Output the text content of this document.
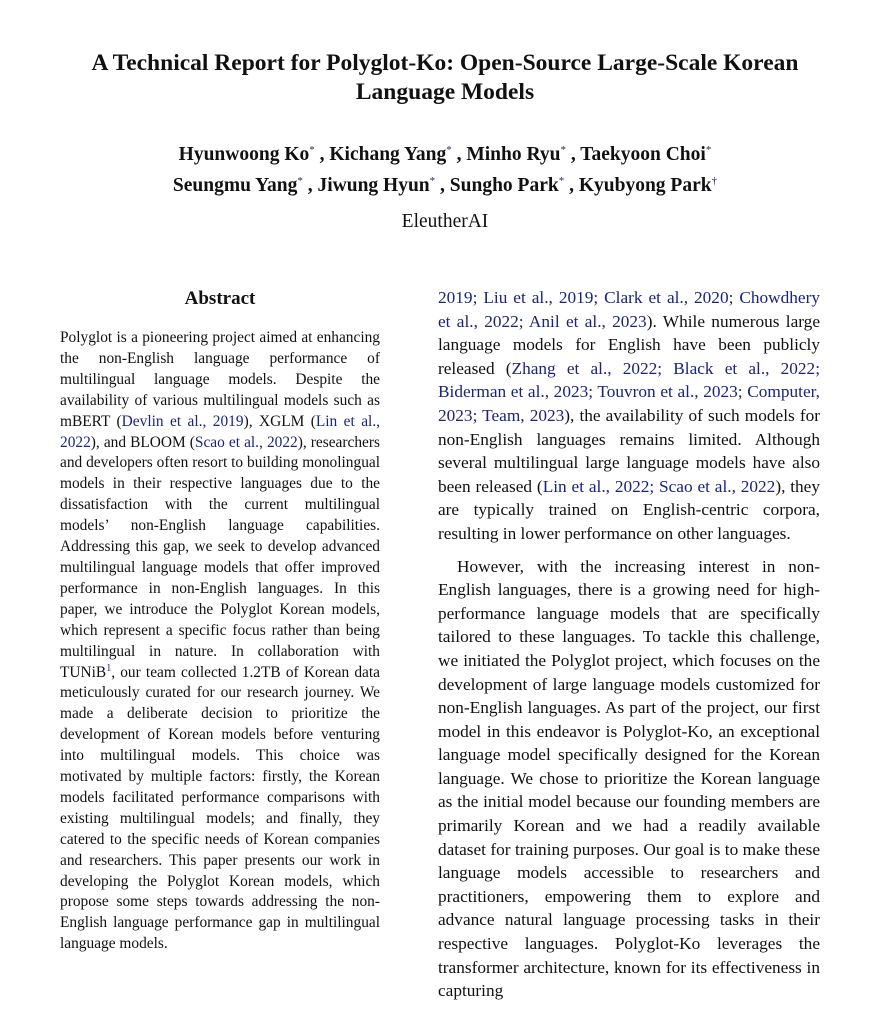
A Technical Report for Polyglot-Ko: Open-Source Large-Scale Korean
Language Models
Hyunwoong Ko* , Kichang Yang* , Minho Ryu* , Taekyoon Choi*
Seungmu Yang* , Jiwung Hyun* , Sungho Park* , Kyubyong Park†
EleutherAI
Abstract

Polyglot is a pioneering project aimed at enhancing the non-English language performance of multilingual language models. Despite the availability of various multilingual models such as mBERT (Devlin et al., 2019), XGLM (Lin et al., 2022), and BLOOM (Scao et al., 2022), researchers and developers often resort to building monolingual models in their respective languages due to the dissatisfaction with the current multilingual models’ non-English language capabilities. Addressing this gap, we seek to develop advanced multilingual language models that offer improved performance in non-English languages. In this paper, we introduce the Polyglot Korean models, which represent a specific focus rather than being multilingual in nature. In collaboration with TUNiB$^1$, our team collected 1.2TB of Korean data meticulously curated for our research journey. We made a deliberate decision to prioritize the development of Korean models before venturing into multilingual models. This choice was motivated by multiple factors: firstly, the Korean models facilitated performance comparisons with existing multilingual models; and finally, they catered to the specific needs of Korean companies and researchers. This paper presents our work in developing the Polyglot Korean models, which propose some steps towards addressing the non-English language performance gap in multilingual language models.

2019; Liu et al., 2019; Clark et al., 2020; Chowdhery et al., 2022; Anil et al., 2023). While numerous large language models for English have been publicly released (Zhang et al., 2022; Black et al., 2022; Biderman et al., 2023; Touvron et al., 2023; Computer, 2023; Team, 2023), the availability of such models for non-English languages remains limited. Although several multilingual large language models have also been released (Lin et al., 2022; Scao et al., 2022), they are typically trained on English-centric corpora, resulting in lower performance on other languages.

However, with the increasing interest in non-English languages, there is a growing need for high-performance language models that are specifically tailored to these languages. To tackle this challenge, we initiated the Polyglot project, which focuses on the development of large language models customized for non-English languages. As part of the project, our first model in this endeavor is Polyglot-Ko, an exceptional language model specifically designed for the Korean language. We chose to prioritize the Korean language as the initial model because our founding members are primarily Korean and we had a readily available dataset for training purposes. Our goal is to make these language models accessible to researchers and practitioners, empowering them to explore and advance natural language processing tasks in their respective languages. Polyglot-Ko leverages the transformer architecture, known for its effectiveness in capturing
